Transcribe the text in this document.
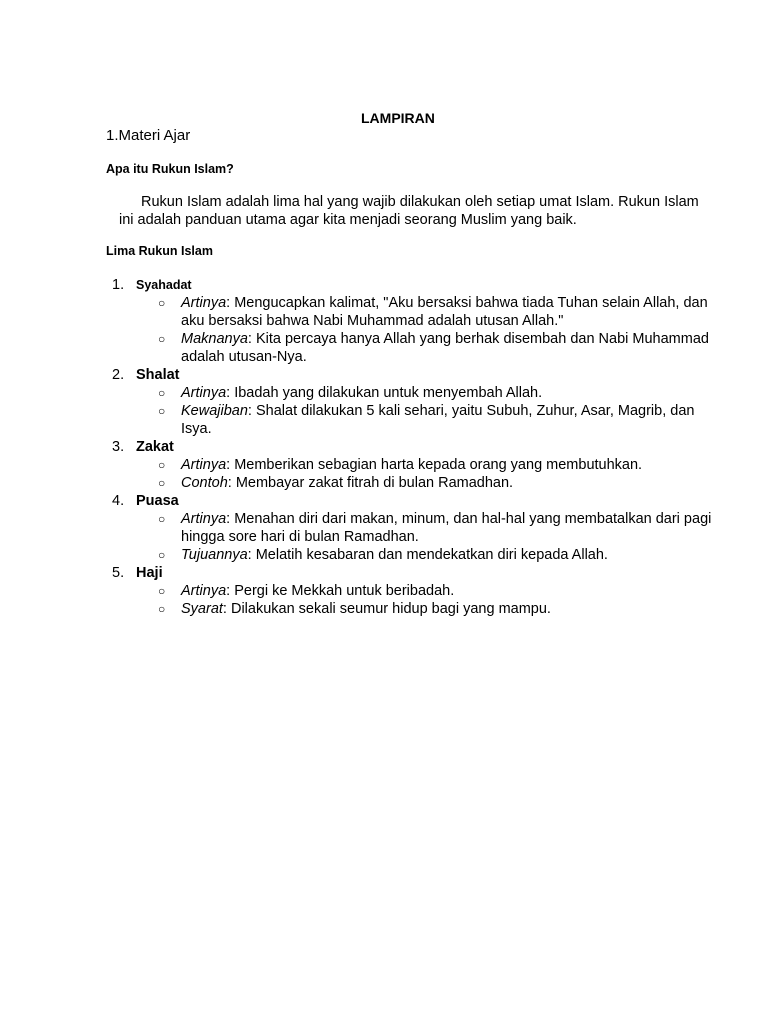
LAMPIRAN
1.Materi Ajar
Apa itu Rukun Islam?
Rukun Islam adalah lima hal yang wajib dilakukan oleh setiap umat Islam. Rukun Islam
ini adalah panduan utama agar kita menjadi seorang Muslim yang baik.
Lima Rukun Islam
1. Syahadat
○ Artinya: Mengucapkan kalimat, "Aku bersaksi bahwa tiada Tuhan selain Allah, dan aku bersaksi bahwa Nabi Muhammad adalah utusan Allah."
○ Maknanya: Kita percaya hanya Allah yang berhak disembah dan Nabi Muhammad adalah utusan-Nya.
2. Shalat
○ Artinya: Ibadah yang dilakukan untuk menyembah Allah.
○ Kewajiban: Shalat dilakukan 5 kali sehari, yaitu Subuh, Zuhur, Asar, Magrib, dan Isya.
3. Zakat
○ Artinya: Memberikan sebagian harta kepada orang yang membutuhkan.
○ Contoh: Membayar zakat fitrah di bulan Ramadhan.
4. Puasa
○ Artinya: Menahan diri dari makan, minum, dan hal-hal yang membatalkan dari pagi hingga sore hari di bulan Ramadhan.
○ Tujuannya: Melatih kesabaran dan mendekatkan diri kepada Allah.
5. Haji
○ Artinya: Pergi ke Mekkah untuk beribadah.
○ Syarat: Dilakukan sekali seumur hidup bagi yang mampu.
